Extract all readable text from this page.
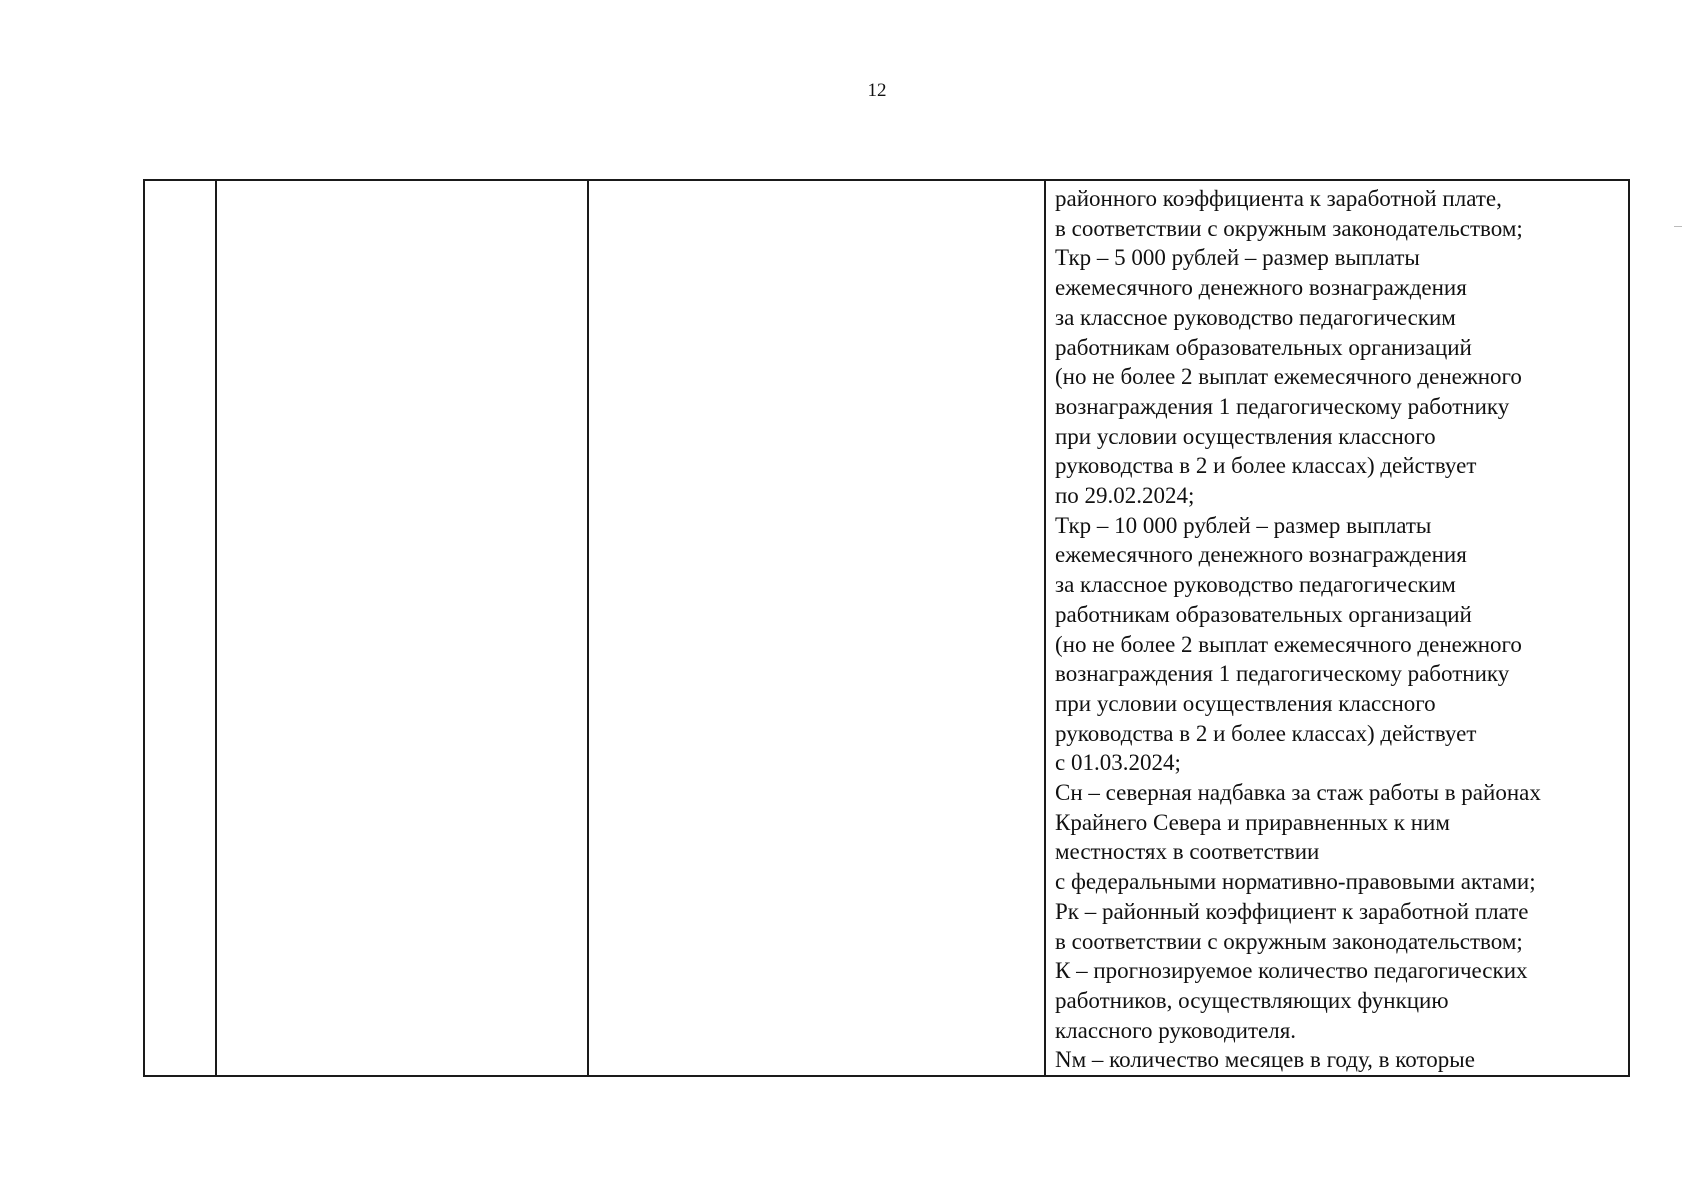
12

районного коэффициента к заработной плате,
в соответствии с окружным законодательством;
Ткр – 5 000 рублей – размер выплаты
ежемесячного денежного вознаграждения
за классное руководство педагогическим
работникам образовательных организаций
(но не более 2 выплат ежемесячного денежного
вознаграждения 1 педагогическому работнику
при условии осуществления классного
руководства в 2 и более классах) действует
по 29.02.2024;
Ткр – 10 000 рублей – размер выплаты
ежемесячного денежного вознаграждения
за классное руководство педагогическим
работникам образовательных организаций
(но не более 2 выплат ежемесячного денежного
вознаграждения 1 педагогическому работнику
при условии осуществления классного
руководства в 2 и более классах) действует
с 01.03.2024;
Сн – северная надбавка за стаж работы в районах
Крайнего Севера и приравненных к ним
местностях в соответствии
с федеральными нормативно-правовыми актами;
Рк – районный коэффициент к заработной плате
в соответствии с окружным законодательством;
К – прогнозируемое количество педагогических
работников, осуществляющих функцию
классного руководителя.
Nм – количество месяцев в году, в которые
